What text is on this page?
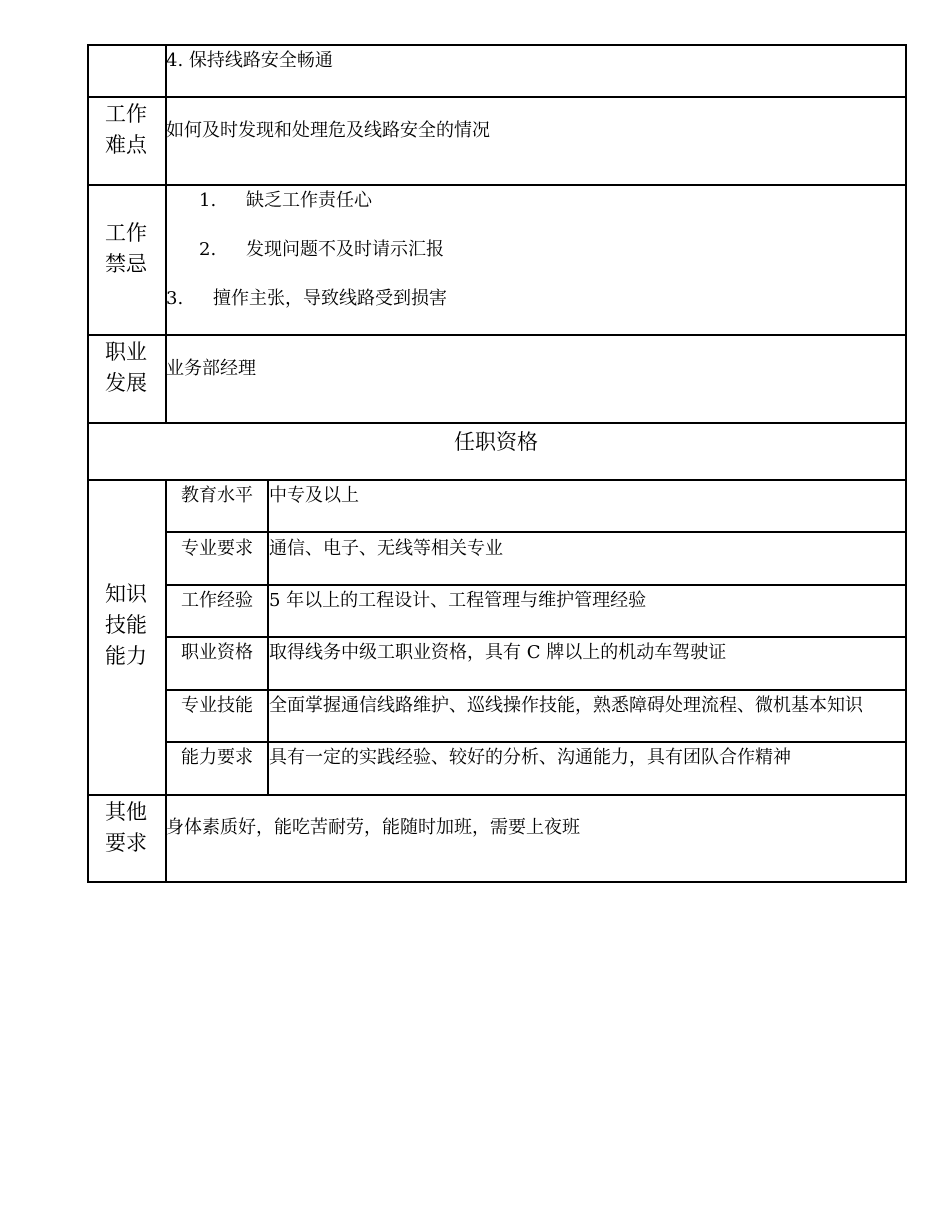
4. 保持线路安全畅通
工作
难点
如何及时发现和处理危及线路安全的情况
工作
禁忌
1. 缺乏工作责任心
2. 发现问题不及时请示汇报
3. 擅作主张，导致线路受到损害
职业
发展
业务部经理
任职资格
知识
技能
能力
教育水平 中专及以上
专业要求 通信、电子、无线等相关专业
工作经验 5 年以上的工程设计、工程管理与维护管理经验
职业资格 取得线务中级工职业资格，具有 C 牌以上的机动车驾驶证
专业技能 全面掌握通信线路维护、巡线操作技能，熟悉障碍处理流程、微机基本知识
能力要求 具有一定的实践经验、较好的分析、沟通能力，具有团队合作精神
其他
要求
身体素质好，能吃苦耐劳，能随时加班，需要上夜班
